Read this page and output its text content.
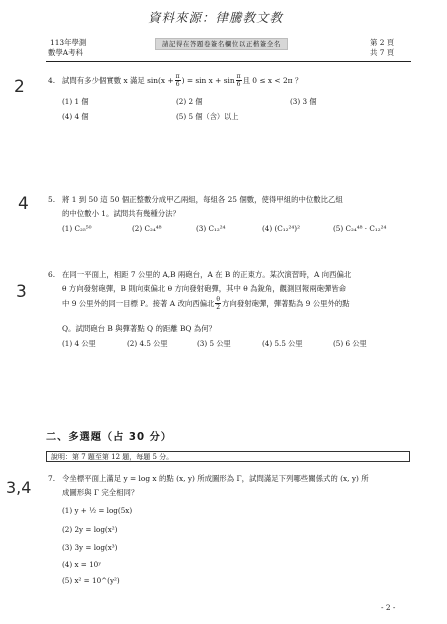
資料來源：律騰教文教
113年學測
數學A考科
請記得在答題卷簽名欄位以正楷簽全名	第 2 頁
共 7 頁
2	4. 試問有多少個實數 x 滿足 $\sin(x + \frac{\pi}{6}$ ) = $\sin x + \sin \frac{\pi}{6}$ 且 0 ≤ x < 2π ？
(1) 1 個	(2) 2 個	(3) 3 個
(4) 4 個	(5) 5 個（含）以上
4	5. 將 1 到 50 這 50 個正整數分成甲乙兩組，每組各 25 個數，使得甲組的中位數比乙組
的中位數小 1。試問共有幾種分法？
(1) C₂₅⁵⁰	(2) C₂₄⁴⁸	(3) C₁₂²⁴	(4) (C₁₂²⁴)²	(5) C₂₄⁴⁸ · C₁₂²⁴
3
6. 在同一平面上，相距 7 公里的 A,B 兩砲台，A 在 B 的正東方。某次演習時，A 向西偏北
θ 方向發射砲彈，B 則向東偏北 θ 方向發射砲彈，其中 θ 為銳角，觀測回報兩砲彈皆命
中 9 公里外的同一目標 P。接著 A 改向西偏北 $\frac{\theta}{2}$ 方向發射砲彈，彈著點為 9 公里外的點
Q。試問砲台 B 與彈著點 Q 的距離 BQ 為何？
(1) 4 公里	(2) 4.5 公里	(3) 5 公里	(4) 5.5 公里	(5) 6 公里
二、多選題（占 30 分）
說明：第 7 題至第 12 題，每題 5 分。
3,4 7. 令坐標平面上滿足 y = log x 的點 (x, y) 所成圖形為 Γ，試問滿足下列哪些關係式的 (x, y) 所
成圖形與 Γ 完全相同？
(1) y + ½ = log(5x)
(2) 2y = log(x²)
(3) 3y = log(x³)
(4) x = 10ʸ
(5) x² = 10^(y²)
- 2 -
